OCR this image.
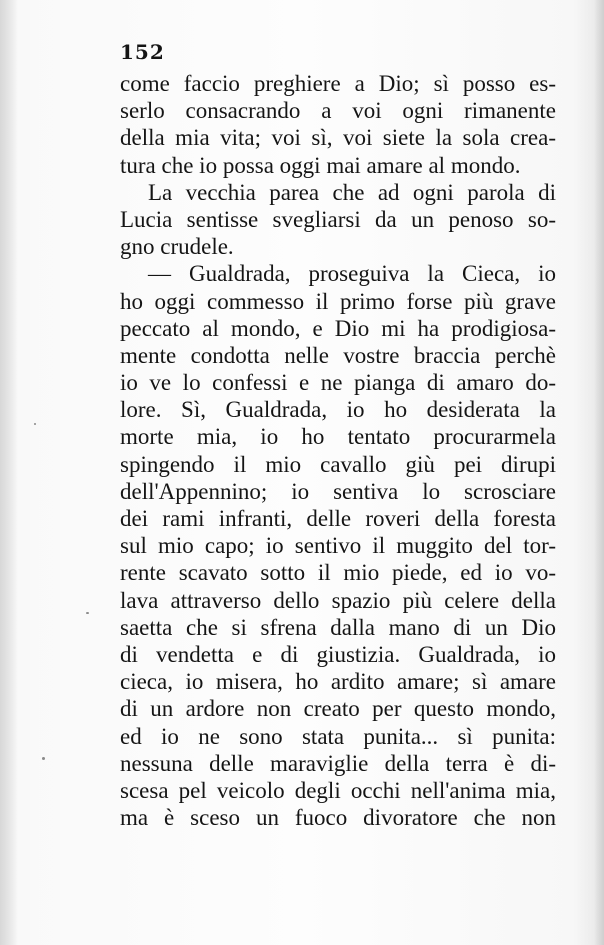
152
come faccio preghiere a Dio; sì posso es-
serlo consacrando a voi ogni rimanente
della mia vita; voi sì, voi siete la sola crea-
tura che io possa oggi mai amare al mondo.
La vecchia parea che ad ogni parola di
Lucia sentisse svegliarsi da un penoso so-
gno crudele.
— Gualdrada, proseguiva la Cieca, io
ho oggi commesso il primo forse più grave
peccato al mondo, e Dio mi ha prodigiosa-
mente condotta nelle vostre braccia perchè
io ve lo confessi e ne pianga di amaro do-
lore. Sì, Gualdrada, io ho desiderata la
morte mia, io ho tentato procurarmela
spingendo il mio cavallo giù pei dirupi
dell'Appennino; io sentiva lo scrosciare
dei rami infranti, delle roveri della foresta
sul mio capo; io sentivo il muggito del tor-
rente scavato sotto il mio piede, ed io vo-
lava attraverso dello spazio più celere della
saetta che si sfrena dalla mano di un Dio
di vendetta e di giustizia. Gualdrada, io
cieca, io misera, ho ardito amare; sì amare
di un ardore non creato per questo mondo,
ed io ne sono stata punita... sì punita:
nessuna delle maraviglie della terra è di-
scesa pel veicolo degli occhi nell'anima mia,
ma è sceso un fuoco divoratore che non
